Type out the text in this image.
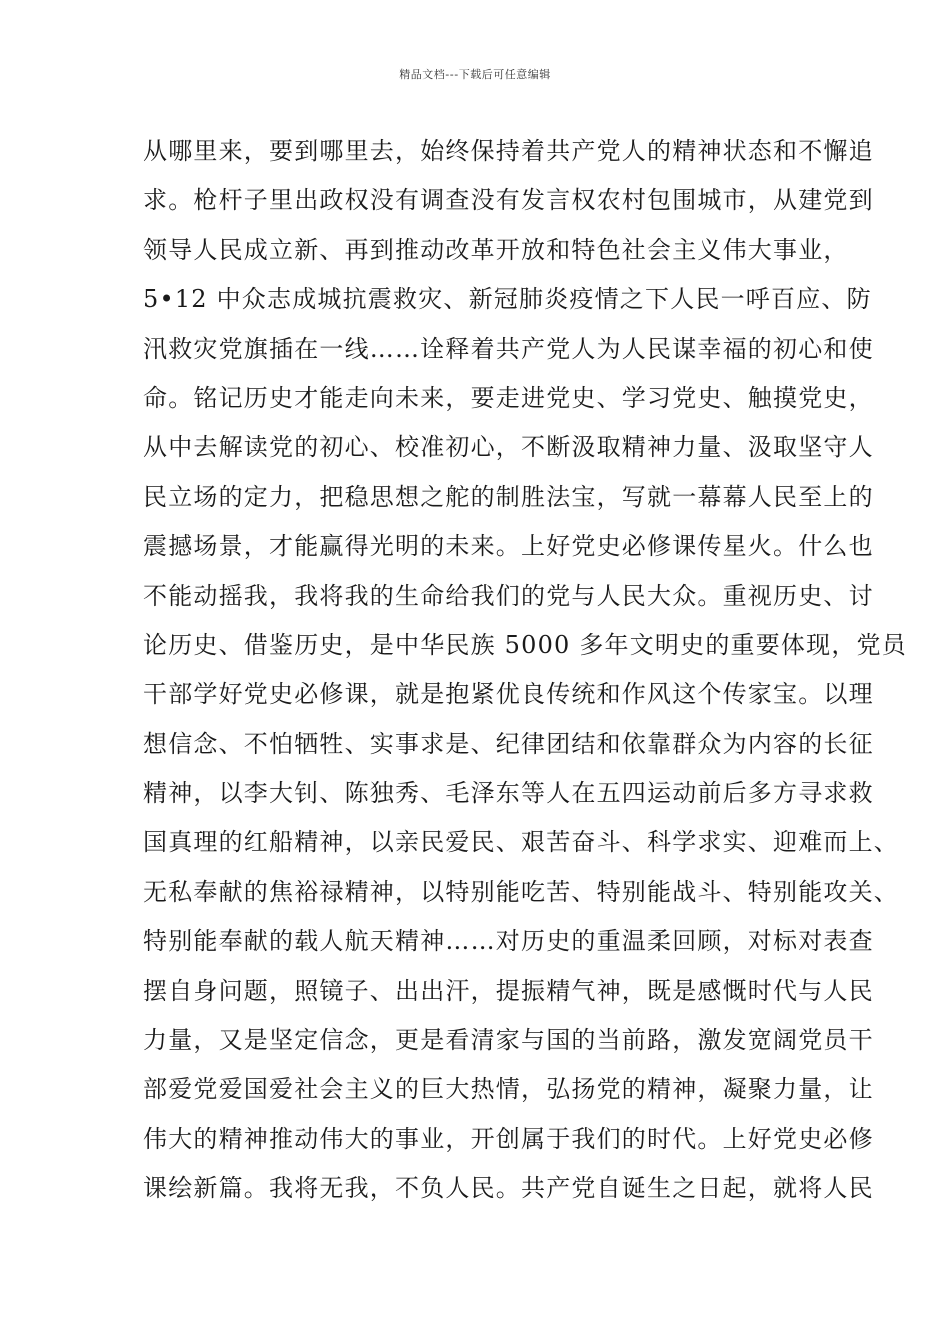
精品文档---下载后可任意编辑
从哪里来，要到哪里去，始终保持着共产党人的精神状态和不懈追
求。枪杆子里出政权没有调查没有发言权农村包围城市，从建党到
领导人民成立新、再到推动改革开放和特色社会主义伟大事业，
5•12 中众志成城抗震救灾、新冠肺炎疫情之下人民一呼百应、防
汛救灾党旗插在一线……诠释着共产党人为人民谋幸福的初心和使
命。铭记历史才能走向未来，要走进党史、学习党史、触摸党史，
从中去解读党的初心、校准初心，不断汲取精神力量、汲取坚守人
民立场的定力，把稳思想之舵的制胜法宝，写就一幕幕人民至上的
震撼场景，才能赢得光明的未来。上好党史必修课传星火。什么也
不能动摇我，我将我的生命给我们的党与人民大众。重视历史、讨
论历史、借鉴历史，是中华民族 5000 多年文明史的重要体现，党员
干部学好党史必修课，就是抱紧优良传统和作风这个传家宝。以理
想信念、不怕牺牲、实事求是、纪律团结和依靠群众为内容的长征
精神，以李大钊、陈独秀、毛泽东等人在五四运动前后多方寻求救
国真理的红船精神，以亲民爱民、艰苦奋斗、科学求实、迎难而上、
无私奉献的焦裕禄精神，以特别能吃苦、特别能战斗、特别能攻关、
特别能奉献的载人航天精神……对历史的重温柔回顾，对标对表查
摆自身问题，照镜子、出出汗，提振精气神，既是感慨时代与人民
力量，又是坚定信念，更是看清家与国的当前路，激发宽阔党员干
部爱党爱国爱社会主义的巨大热情，弘扬党的精神，凝聚力量，让
伟大的精神推动伟大的事业，开创属于我们的时代。上好党史必修
课绘新篇。我将无我，不负人民。共产党自诞生之日起，就将人民
